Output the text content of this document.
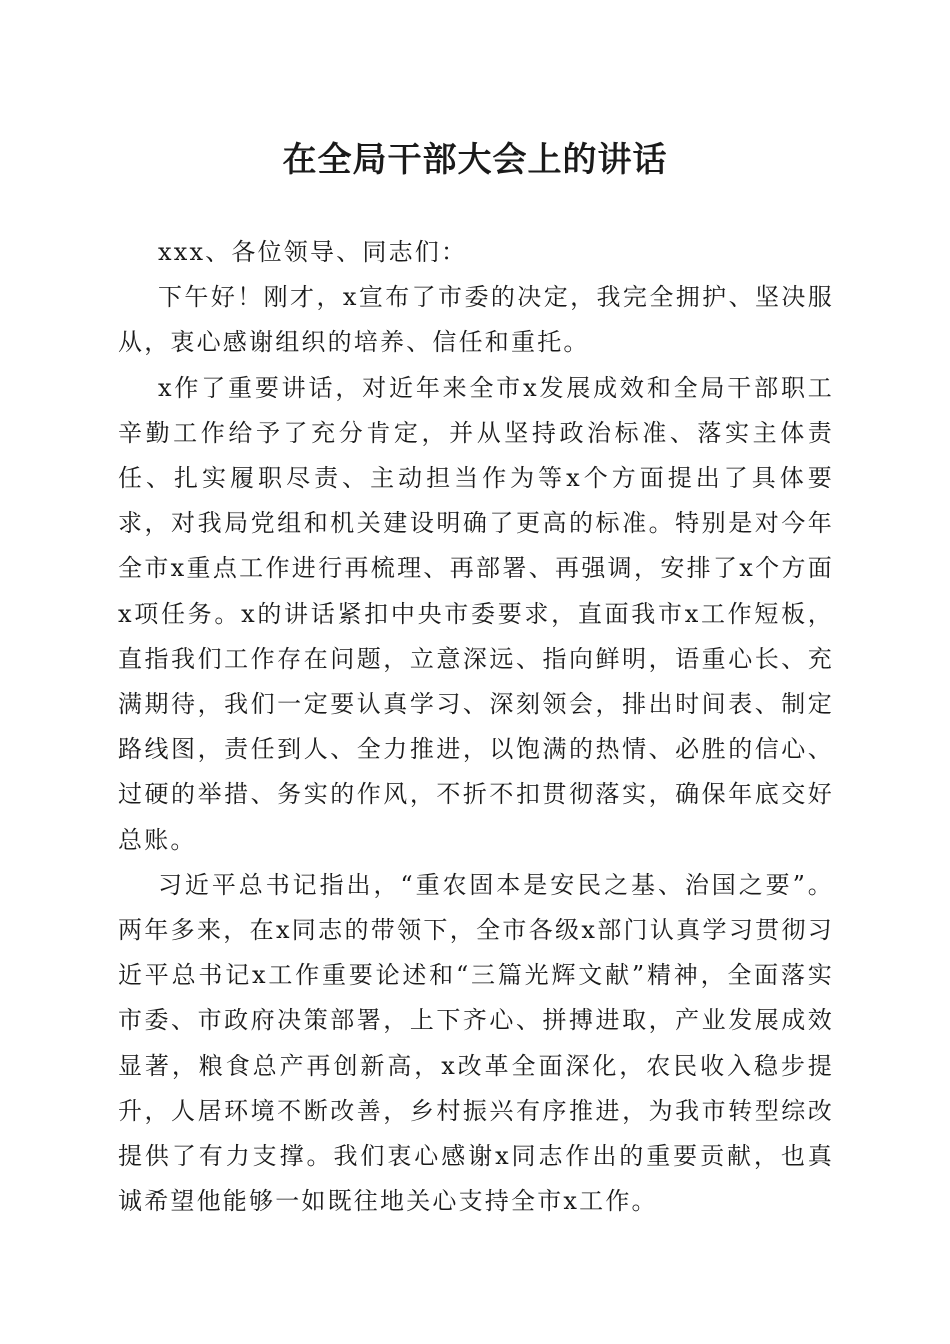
在全局干部大会上的讲话

xxx、各位领导、同志们：

下午好！刚才，x宣布了市委的决定，我完全拥护、坚决服从，衷心感谢组织的培养、信任和重托。

x作了重要讲话，对近年来全市x发展成效和全局干部职工辛勤工作给予了充分肯定，并从坚持政治标准、落实主体责任、扎实履职尽责、主动担当作为等x个方面提出了具体要求，对我局党组和机关建设明确了更高的标准。特别是对今年全市x重点工作进行再梳理、再部署、再强调，安排了x个方面x项任务。x的讲话紧扣中央市委要求，直面我市x工作短板，直指我们工作存在问题，立意深远、指向鲜明，语重心长、充满期待，我们一定要认真学习、深刻领会，排出时间表、制定路线图，责任到人、全力推进，以饱满的热情、必胜的信心、过硬的举措、务实的作风，不折不扣贯彻落实，确保年底交好总账。

习近平总书记指出，“重农固本是安民之基、治国之要”。两年多来，在x同志的带领下，全市各级x部门认真学习贯彻习近平总书记x工作重要论述和“三篇光辉文献”精神，全面落实市委、市政府决策部署，上下齐心、拼搏进取，产业发展成效显著，粮食总产再创新高，x改革全面深化，农民收入稳步提升，人居环境不断改善，乡村振兴有序推进，为我市转型综改提供了有力支撑。我们衷心感谢x同志作出的重要贡献，也真诚希望他能够一如既往地关心支持全市x工作。
